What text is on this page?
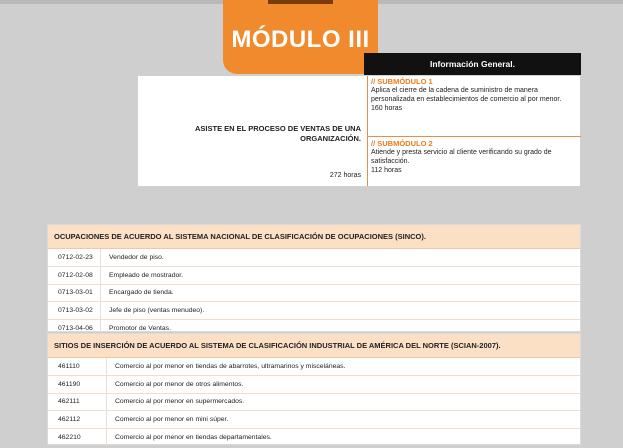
MÓDULO III
Información General.
ASISTE EN EL PROCESO DE VENTAS DE UNA ORGANIZACIÓN.
272 horas
// SUBMÓDULO 1
Aplica el cierre de la cadena de suministro de manera personalizada en establecimientos de comercio al por menor.
160 horas
// SUBMÓDULO 2
Atiende y presta servicio al cliente verificando su grado de satisfacción.
112 horas
OCUPACIONES DE ACUERDO AL SISTEMA NACIONAL DE CLASIFICACIÓN DE OCUPACIONES (SINCO).
0712-02-23	Vendedor de piso.
0712-02-08	Empleado de mostrador.
0713-03-01	Encargado de tienda.
0713-03-02	Jefe de piso (ventas menudeo).
0713-04-06	Promotor de Ventas.
SITIOS DE INSERCIÓN DE ACUERDO AL SISTEMA DE CLASIFICACIÓN INDUSTRIAL DE AMÉRICA DEL NORTE (SCIAN-2007).
461110	Comercio al por menor en tiendas de abarrotes, ultramarinos y misceláneas.
461190	Comercio al por menor de otros alimentos.
462111	Comercio al por menor en supermercados.
462112	Comercio al por menor en mini súper.
462210	Comercio al por menor en tiendas departamentales.
